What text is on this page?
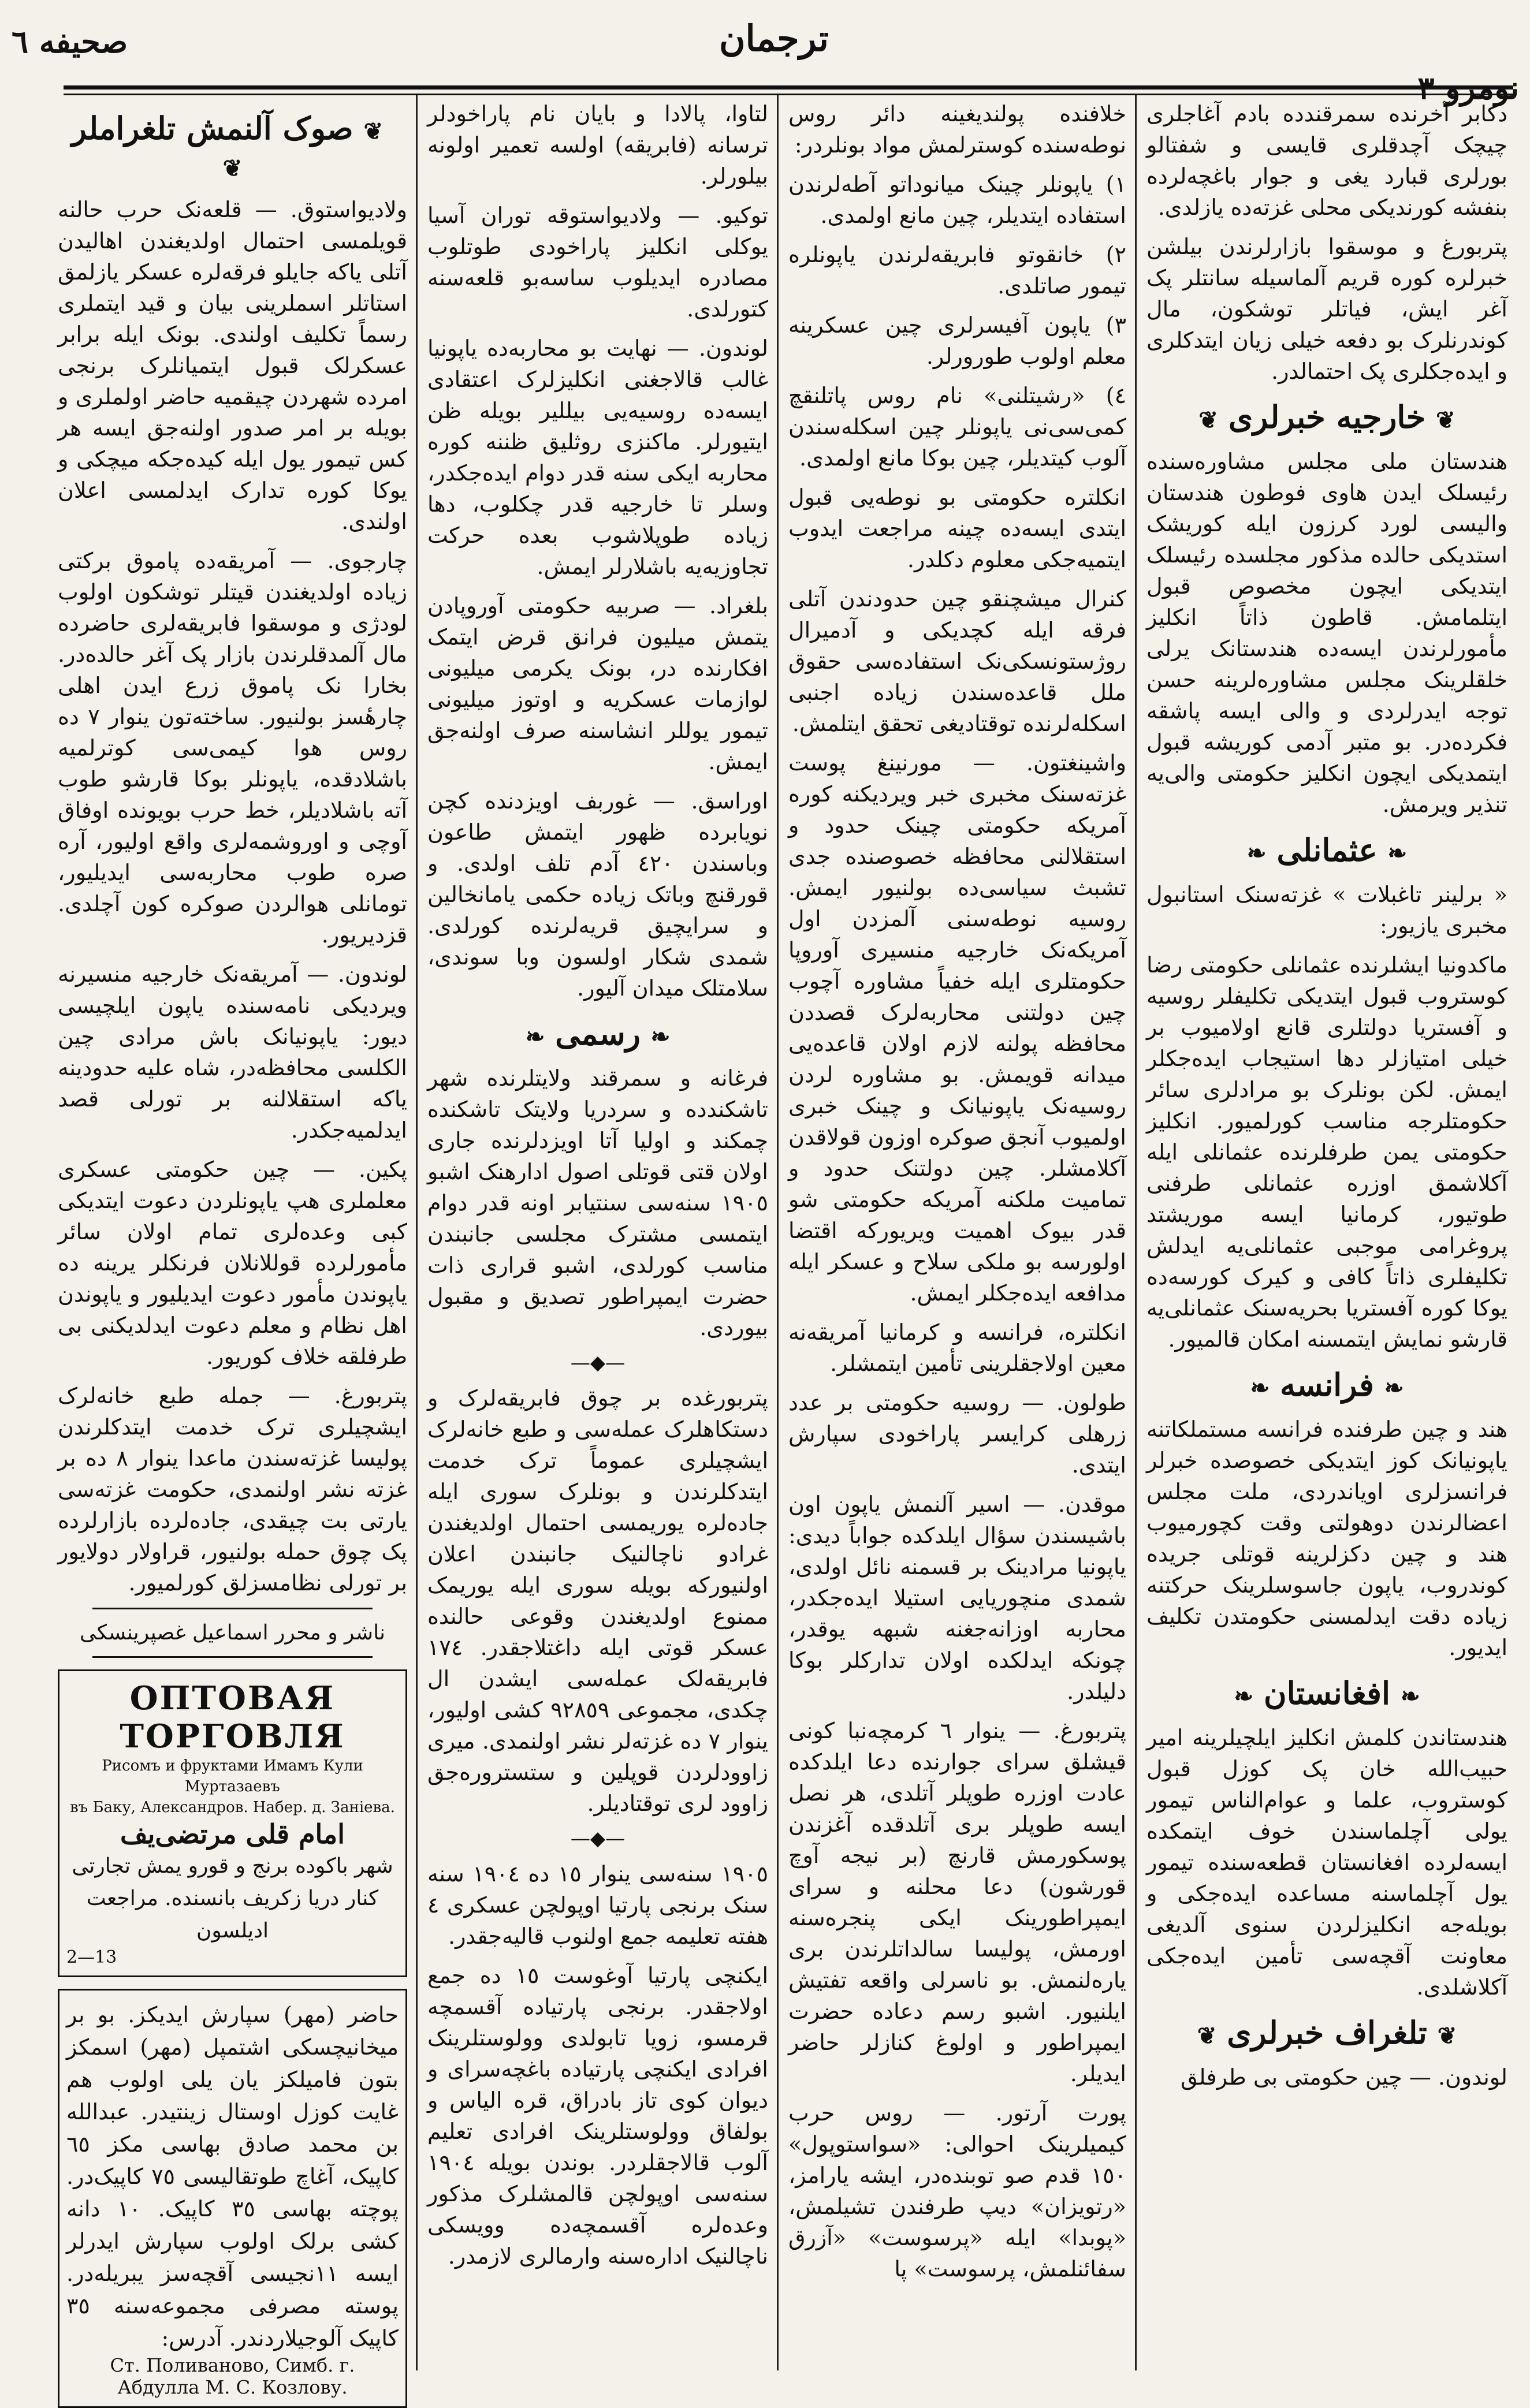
صحیفه ٦	ترجمان
نومرو ٣

دکابر آخرنده سمرقندده بادم آغاجلری چیچک آچدقلری قایسی و شفتالو بورلری قبارد یغی و جوار باغچه‌لرده بنفشه کورندیکی محلی غزته‌ده یازلدی.

پتربورغ و موسقوا بازارلرندن بیلشن خبرلره کوره قریم آلماسیله سانتلر پک آغر ایش، فیاتلر توشکون، مال کوندرنلرک بو دفعه خیلی زیان ایتدکلری و ایده‌جکلری پک احتمالدر.

❦خارجیه خبرلری❦

هندستان ملی مجلس مشاوره‌سنده رئیسلک ایدن هاوی فوطون هندستان والیسی لورد کرزون ایله کوریشک استدیکی حالده مذکور مجلسده رئیسلک ایتدیکی ایچون مخصوص قبول ایتلمامش. قاطون ذاتاً انکلیز مأمورلرندن ایسه‌ده هندستانک یرلی خلقلرینک مجلس مشاوره‌لرینه حسن توجه ایدرلردی و والی ایسه پاشقه فکرده‌در. بو متبر آدمی کوریشه قبول ایتمدیکی ایچون انکلیز حکومتی والی‌یه تنذیر ویرمش.

❧عثمانلی❧

« برلینر تاغبلات » غزته‌سنک استانبول مخبری یازیور:

ماکدونیا ایشلرنده عثمانلی حکومتی رضا کوستروب قبول ایتدیکی تکلیفلر روسیه و آفستریا دولتلری قانع اولامیوب بر خیلی امتیازلر دها استیجاب ایده‌جکلر ایمش. لکن بونلرک بو مرادلری سائر حکومتلرجه مناسب کورلمیور. انکلیز حکومتی یمن طرفلرنده عثمانلی ایله آکلاشمق اوزره عثمانلی طرفنی طوتیور، کرمانیا ایسه موریشتد پروغرامی موجبی عثمانلی‌یه ایدلش تکلیفلری ذاتاً کافی و کیرک کورسه‌ده یوکا کوره آفستریا بحریه‌سنک عثمانلی‌یه قارشو نمایش ایتمسنه امکان قالمیور.

❧فرانسه❧

هند و چین طرفنده فرانسه مستملکاتنه یاپونیانک کوز ایتدیکی خصوصده خبرلر فرانسزلری اویاندردی، ملت مجلس اعضالرندن دوهولتی وقت کچورمیوب هند و چین دکزلرینه قوتلی جریده کوندروب، یاپون جاسوسلرینک حرکتنه زیاده دقت ایدلمسنی حکومتدن تکلیف ایدیور.

❧افغانستان❧

هندستاندن کلمش انکلیز ایلچیلرینه امیر حبیب‌الله خان پک کوزل قبول کوستروب، علما و عوام‌الناس تیمور یولی آچلماسندن خوف ایتمکده ایسه‌لرده افغانستان قطعه‌سنده تیمور یول آچلماسنه مساعده ایده‌جکی و بویله‌جه انکلیزلردن سنوی آلدیغی معاونت آقچه‌سی تأمین ایده‌جکی آکلاشلدی.

❦تلغراف خبرلری❦

لوندون. — چین حکومتی بی طرفلق

خلافنده پولندیغینه دائر روس نوطه‌سنده کوسترلمش مواد بونلردر:

١) یاپونلر چینک میانوداتو آطه‌لرندن استفاده ایتدیلر، چین مانع اولمدی.

٢) خانقوتو فابریقه‌لرندن یاپونلره تیمور صاتلدی.

٣) یاپون آفیسرلری چین عسکرینه معلم اولوب طورورلر.

٤) «رشیتلنی» نام روس پاتلنقچ کمی‌سی‌نی یاپونلر چین اسکله‌سندن آلوب کیتدیلر، چین بوکا مانع اولمدی.

انکلتره حکومتی بو نوطه‌یی قبول ایتدی ایسه‌ده چینه مراجعت ایدوب ایتمیه‌جکی معلوم دکلدر.

کنرال میشچنقو چین حدودندن آتلی فرقه ایله کچدیکی و آدمیرال روژستونسکی‌نک استفاده‌سی حقوق ملل قاعده‌سندن زیاده اجنبی اسکله‌لرنده توقتادیغی تحقق ایتلمش.

واشینغتون. — مورنینغ پوست غزته‌سنک مخبری خبر ویردیکنه کوره آمریکه حکومتی چینک حدود و استقلالنی محافظه خصوصنده جدی تشبث سیاسی‌ده بولنیور ایمش. روسیه نوطه‌سنی آلمزدن اول آمریکه‌نک خارجیه منسیری آوروپا حکومتلری ایله خفیاً مشاوره آچوب چین دولتنی محاربه‌لرک قصددن محافظه پولنه لازم اولان قاعده‌یی میدانه قویمش. بو مشاوره لردن روسیه‌نک یاپونیانک و چینک خبری اولمیوب آنجق صوکره اوزون قولاقدن آکلامشلر. چین دولتنک حدود و تمامیت ملکنه آمریکه حکومتی شو قدر بیوک اهمیت ویریورکه اقتضا اولورسه بو ملکی سلاح و عسکر ایله مدافعه ایده‌جکلر ایمش.

انکلتره، فرانسه و کرمانیا آمریقه‌نه معین اولاجقلرینی تأمین ایتمشلر.

طولون. — روسیه حکومتی بر عدد زرهلی کرایسر پاراخودی سپارش ایتدی.

موقدن. — اسیر آلنمش یاپون اون باشیسندن سؤال ایلدکده جواباً دیدی: یاپونیا مرادینک بر قسمنه نائل اولدی، شمدی منچوریایی استیلا ایده‌جکدر، محاربه اوزانه‌جغنه شبهه یوقدر، چونکه ایدلکده اولان تدارکلر بوکا دلیلدر.

پتربورغ. — ینوار ٦ کرمچه‌نبا کونی قیشلق سرای جوارنده دعا ایلدکده عادت اوزره طوپلر آتلدی، هر نصل ایسه طوپلر بری آتلدقده آغزندن پوسکورمش قارنچ (بر نیجه آوچ قورشون) دعا محلنه و سرای ایمپراطورینک ایکی پنجره‌سنه اورمش، پولیسا سالداتلرندن بری یاره‌لنمش. بو ناسرلی واقعه تفتیش ایلنیور. اشبو رسم دعاده حضرت ایمپراطور و اولوغ کنازلر حاضر ایدیلر.

پورت آرتور. — روس حرب کیمیلرینک احوالی: «سواستوپول» ١٥٠ قدم صو توبنده‌در، ایشه یارامز، «رتویزان» دیپ طرفندن تشیلمش، «پوبدا» ایله «پرسوست» «آزرق سفائنلمش، پرسوست» پا

لتاوا، پالادا و بایان نام پاراخودلر ترسانه (فابریقه) اولسه تعمیر اولونه بیلورلر.

توکیو. — ولادیواستوقه توران آسیا یوکلی انکلیز پاراخودی طوتلوب مصادره ایدیلوب ساسه‌بو قلعه‌سنه کتورلدی.

لوندون. — نهایت بو محاربه‌ده یاپونیا غالب قالاجغنی انکلیزلرک اعتقادی ایسه‌ده روسیه‌یی بیللیر بویله ظن ایتیورلر. ماکنزی روثلیق ظننه کوره محاربه ایکی سنه قدر دوام ایده‌جکدر، وسلر تا خارجیه قدر چکلوب، دها زیاده طوپلاشوب بعده حرکت تجاوزیه‌یه باشلارلر ایمش.

بلغراد. — صربیه حکومتی آوروپادن یتمش میلیون فرانق قرض ایتمک افکارنده در، بونک یکرمی میلیونی لوازمات عسکریه و اوتوز میلیونی تیمور یوللر انشاسنه صرف اولنه‌جق ایمش.

اوراسق. — غوربف اویزدنده کچن نویابرده ظهور ایتمش طاعون وباسندن ٤٢٠ آدم تلف اولدی. و قورقنچ وباتک زیاده حکمی یامانخالین و سرایچیق قریه‌لرنده کورلدی. شمدی شکار اولسون وبا سوندی، سلامتلک میدان آلیور.

❧رسمی❧

فرغانه و سمرقند ولایتلرنده شهر تاشکندده و سردریا ولایتک تاشکنده چمکند و اولیا آتا اویزدلرنده جاری اولان قتی قوتلی اصول ادارهنک اشبو ١٩٠٥ سنه‌سی سنتیابر اونه قدر دوام ایتمسی مشترک مجلسی جانبندن مناسب کورلدی، اشبو قراری ذات حضرت ایمپراطور تصدیق و مقبول بیوردی.

—◆—

پتربورغده بر چوق فابریقه‌لرک و دستکاهلرک عمله‌سی و طبع خانه‌لرک ایشچیلری عموماً ترک خدمت ایتدکلرندن و بونلرک سوری ایله جاده‌لره یوریمسی احتمال اولدیغندن غرادو ناچالنیک جانبندن اعلان اولنیورکه بویله سوری ایله یوریمک ممنوع اولدیغندن وقوعی حالنده عسکر قوتی ایله داغتلاجقدر. ١٧٤ فابریقه‌لک عمله‌سی ایشدن ال چکدی، مجموعی ٩٢٨٥٩ کشی اولیور، ینوار ٧ ده غزته‌لر نشر اولنمدی. میری زاوودلردن قوپلین و ستستروره‌جق زاوود لری توقتادیلر.

—◆—

١٩٠٥ سنه‌سی ینوار ١٥ ده ١٩٠٤ سنه سنک برنجی پارتیا اوپولچن عسکری ٤ هفته تعلیمه جمع اولنوب قالیه‌جقدر.

ایکنچی پارتیا آوغوست ١٥ ده جمع اولاجقدر. برنجی پارتیاده آقسمچه قرمسو، زویا تابولدی وولوستلرینک افرادی ایکنچی پارتیاده باغچه‌سرای و دیوان کوی تاز بادراق، قره الیاس و بولفاق وولوستلرینک افرادی تعلیم آلوب قالاجقلردر. بوندن بویله ١٩٠٤ سنه‌سی اوپولچن قالمشلرک مذکور وعده‌لره آقسمچه‌ده وویسکی ناچالنیک اداره‌سنه وارمالری لازمدر.

❦صوک آلنمش تلغراملر❦

ولادیواستوق. — قلعه‌نک حرب حالنه قویلمسی احتمال اولدیغندن اهالیدن آتلی یاکه جایلو فرقه‌لره عسکر یازلمق استاتلر اسملرینی بیان و قید ایتملری رسماً تکلیف اولندی. بونک ایله برابر عسکرلک قبول ایتمیانلرک برنجی امرده شهردن چیقمیه حاضر اولملری و بویله بر امر صدور اولنه‌جق ایسه هر کس تیمور یول ایله کیده‌جکه میچکی و یوکا کوره تدارک ایدلمسی اعلان اولندی.

چارجوی. — آمریقه‌ده پاموق برکتی زیاده اولدیغندن قیتلر توشکون اولوب لودژی و موسقوا فابریقه‌لری حاضرده مال آلمدقلرندن بازار پک آغر حالده‌در. بخارا نک پاموق زرع ایدن اهلی چارهٔسز بولنیور. ساخته‌تون ینوار ٧ ده روس هوا کیمی‌سی کوترلمیه باشلادقده، یاپونلر بوکا قارشو طوب آته باشلادیلر، خط حرب بویونده اوفاق آوچی و اوروشمه‌لری واقع اولیور، آره صره طوب محاربه‌سی ایدیلیور، تومانلی هوالردن صوکره کون آچلدی. قزدیریور.

لوندون. — آمریقه‌نک خارجیه منسیرنه ویردیکی نامه‌سنده یاپون ایلچیسی دیور: یاپونیانک باش مرادی چین الکلسی محافظه‌در، شاه علیه حدودینه یاکه استقلالنه بر تورلی قصد ایدلمیه‌جکدر.

پکین. — چین حکومتی عسکری معلملری هپ یاپونلردن دعوت ایتدیکی کبی وعده‌لری تمام اولان سائر مأمورلرده قوللانلان فرنکلر یرینه ده یاپوندن مأمور دعوت ایدیلیور و یاپوندن اهل نظام و معلم دعوت ایدلدیکنی بی طرفلقه خلاف کوریور.

پتربورغ. — جمله طبع خانه‌لرک ایشچیلری ترک خدمت ایتدکلرندن پولیسا غزته‌سندن ماعدا ینوار ٨ ده بر غزته نشر اولنمدی، حکومت غزته‌سی یارتی بت چیقدی، جاده‌لرده بازارلرده پک چوق حمله بولنیور، قراولار دولایور بر تورلی نظامسزلق کورلمیور.

ناشر و محرر اسماعیل غصپرینسکی
ОПТОВАЯ ТОРГОВЛЯ
Рисомъ и фруктами Имамъ Кули Муртазаевъ
въ Баку, Александров. Набер. д. Заніева.
امام قلی مرتضی‌یف
شهر باکوده برنج و قورو یمش تجارتی کنار دریا زکریف بانسنده. مراجعت ادیلسون
2—13
حاضر (مهر) سپارش ایدیکز. بو بر میخانیچسکی اشتمپل (مهر) اسمکز بتون فامیلکز یان یلی اولوب هم غایت کوزل اوستال زینتیدر. عبدالله بن محمد صادق بهاسی مکز ٦٥ کاپیک، آغاچ طوتقالیسی ٧٥ کاپیک‌در. پوچته بهاسی ٣٥ کاپیک. ١٠ دانه کشی برلک اولوب سپارش ایدرلر ایسه ١١نجیسی آقچه‌سز یبریله‌در. پوسته مصرفی مجموعه‌سنه ٣٥ کاپیک آلوجیلاردندر. آدرس:
Ст. Поливаново, Симб. г.
Абдулла М. С. Козлову.
